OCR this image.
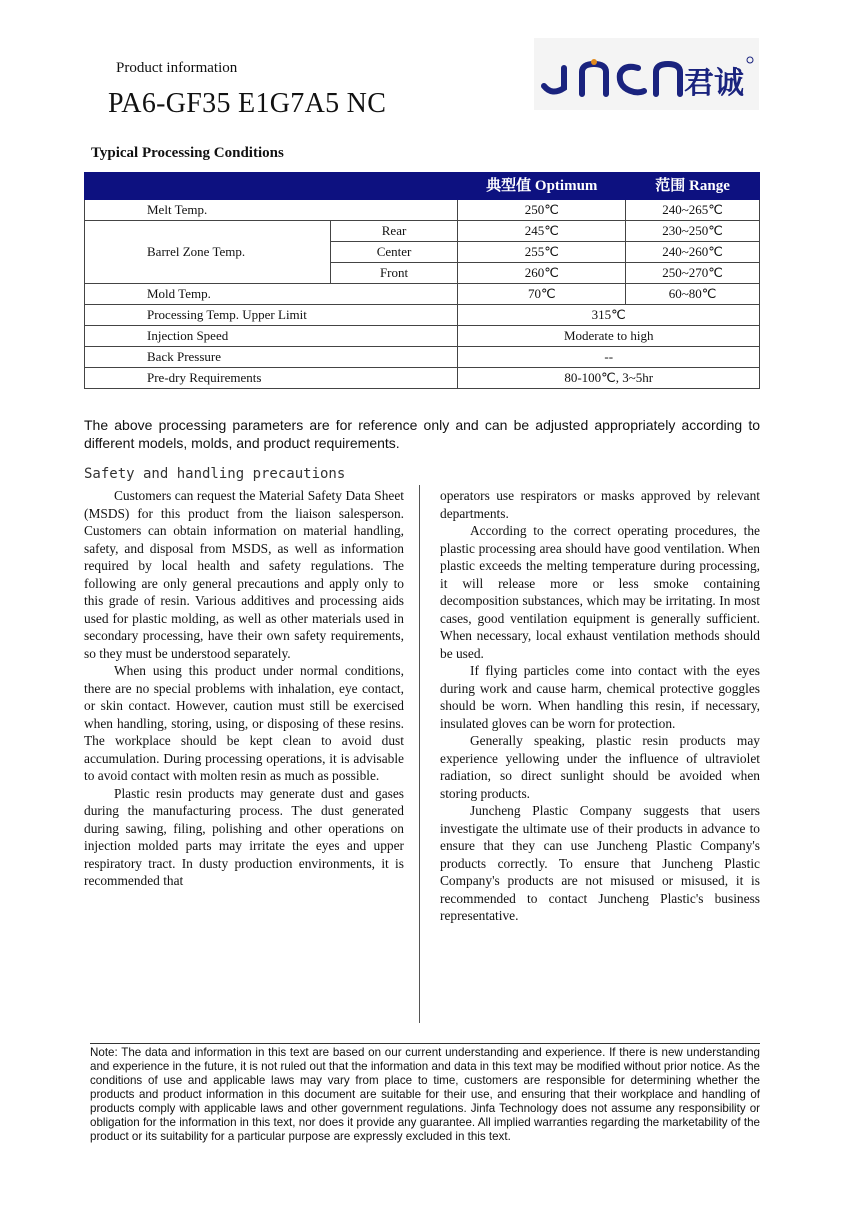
Product information
PA6-GF35 E1G7A5 NC
君诚
Typical Processing Conditions
		典型值 Optimum	范围 Range
Melt Temp.		250℃	240~265℃
Barrel Zone Temp.	Rear	245℃	230~250℃
	Center	255℃	240~260℃
	Front	260℃	250~270℃
Mold Temp.		70℃	60~80℃
Processing Temp. Upper Limit		315℃	
Injection Speed		Moderate to high	
Back Pressure		--	
Pre-dry Requirements		80-100℃, 3~5hr	
The above processing parameters are for reference only and can be adjusted appropriately according to different models, molds, and product requirements.
Safety and handling precautions

Customers can request the Material Safety Data Sheet (MSDS) for this product from the liaison salesperson. Customers can obtain information on material handling, safety, and disposal from MSDS, as well as information required by local health and safety regulations. The following are only general precautions and apply only to this grade of resin. Various additives and processing aids used for plastic molding, as well as other materials used in secondary processing, have their own safety requirements, so they must be understood separately.

When using this product under normal conditions, there are no special problems with inhalation, eye contact, or skin contact. However, caution must still be exercised when handling, storing, using, or disposing of these resins. The workplace should be kept clean to avoid dust accumulation. During processing operations, it is advisable to avoid contact with molten resin as much as possible.

Plastic resin products may generate dust and gases during the manufacturing process. The dust generated during sawing, filing, polishing and other operations on injection molded parts may irritate the eyes and upper respiratory tract. In dusty production environments, it is recommended that

operators use respirators or masks approved by relevant departments.

According to the correct operating procedures, the plastic processing area should have good ventilation. When plastic exceeds the melting temperature during processing, it will release more or less smoke containing decomposition substances, which may be irritating. In most cases, good ventilation equipment is generally sufficient. When necessary, local exhaust ventilation methods should be used.

If flying particles come into contact with the eyes during work and cause harm, chemical protective goggles should be worn. When handling this resin, if necessary, insulated gloves can be worn for protection.

Generally speaking, plastic resin products may experience yellowing under the influence of ultraviolet radiation, so direct sunlight should be avoided when storing products.

Juncheng Plastic Company suggests that users investigate the ultimate use of their products in advance to ensure that they can use Juncheng Plastic Company's products correctly. To ensure that Juncheng Plastic Company's products are not misused or misused, it is recommended to contact Juncheng Plastic's business representative.

Note: The data and information in this text are based on our current understanding and experience. If there is new understanding and experience in the future, it is not ruled out that the information and data in this text may be modified without prior notice. As the conditions of use and applicable laws may vary from place to time, customers are responsible for determining whether the products and product information in this document are suitable for their use, and ensuring that their workplace and handling of products comply with applicable laws and other government regulations. Jinfa Technology does not assume any responsibility or obligation for the information in this text, nor does it provide any guarantee. All implied warranties regarding the marketability of the product or its suitability for a particular purpose are expressly excluded in this text.
